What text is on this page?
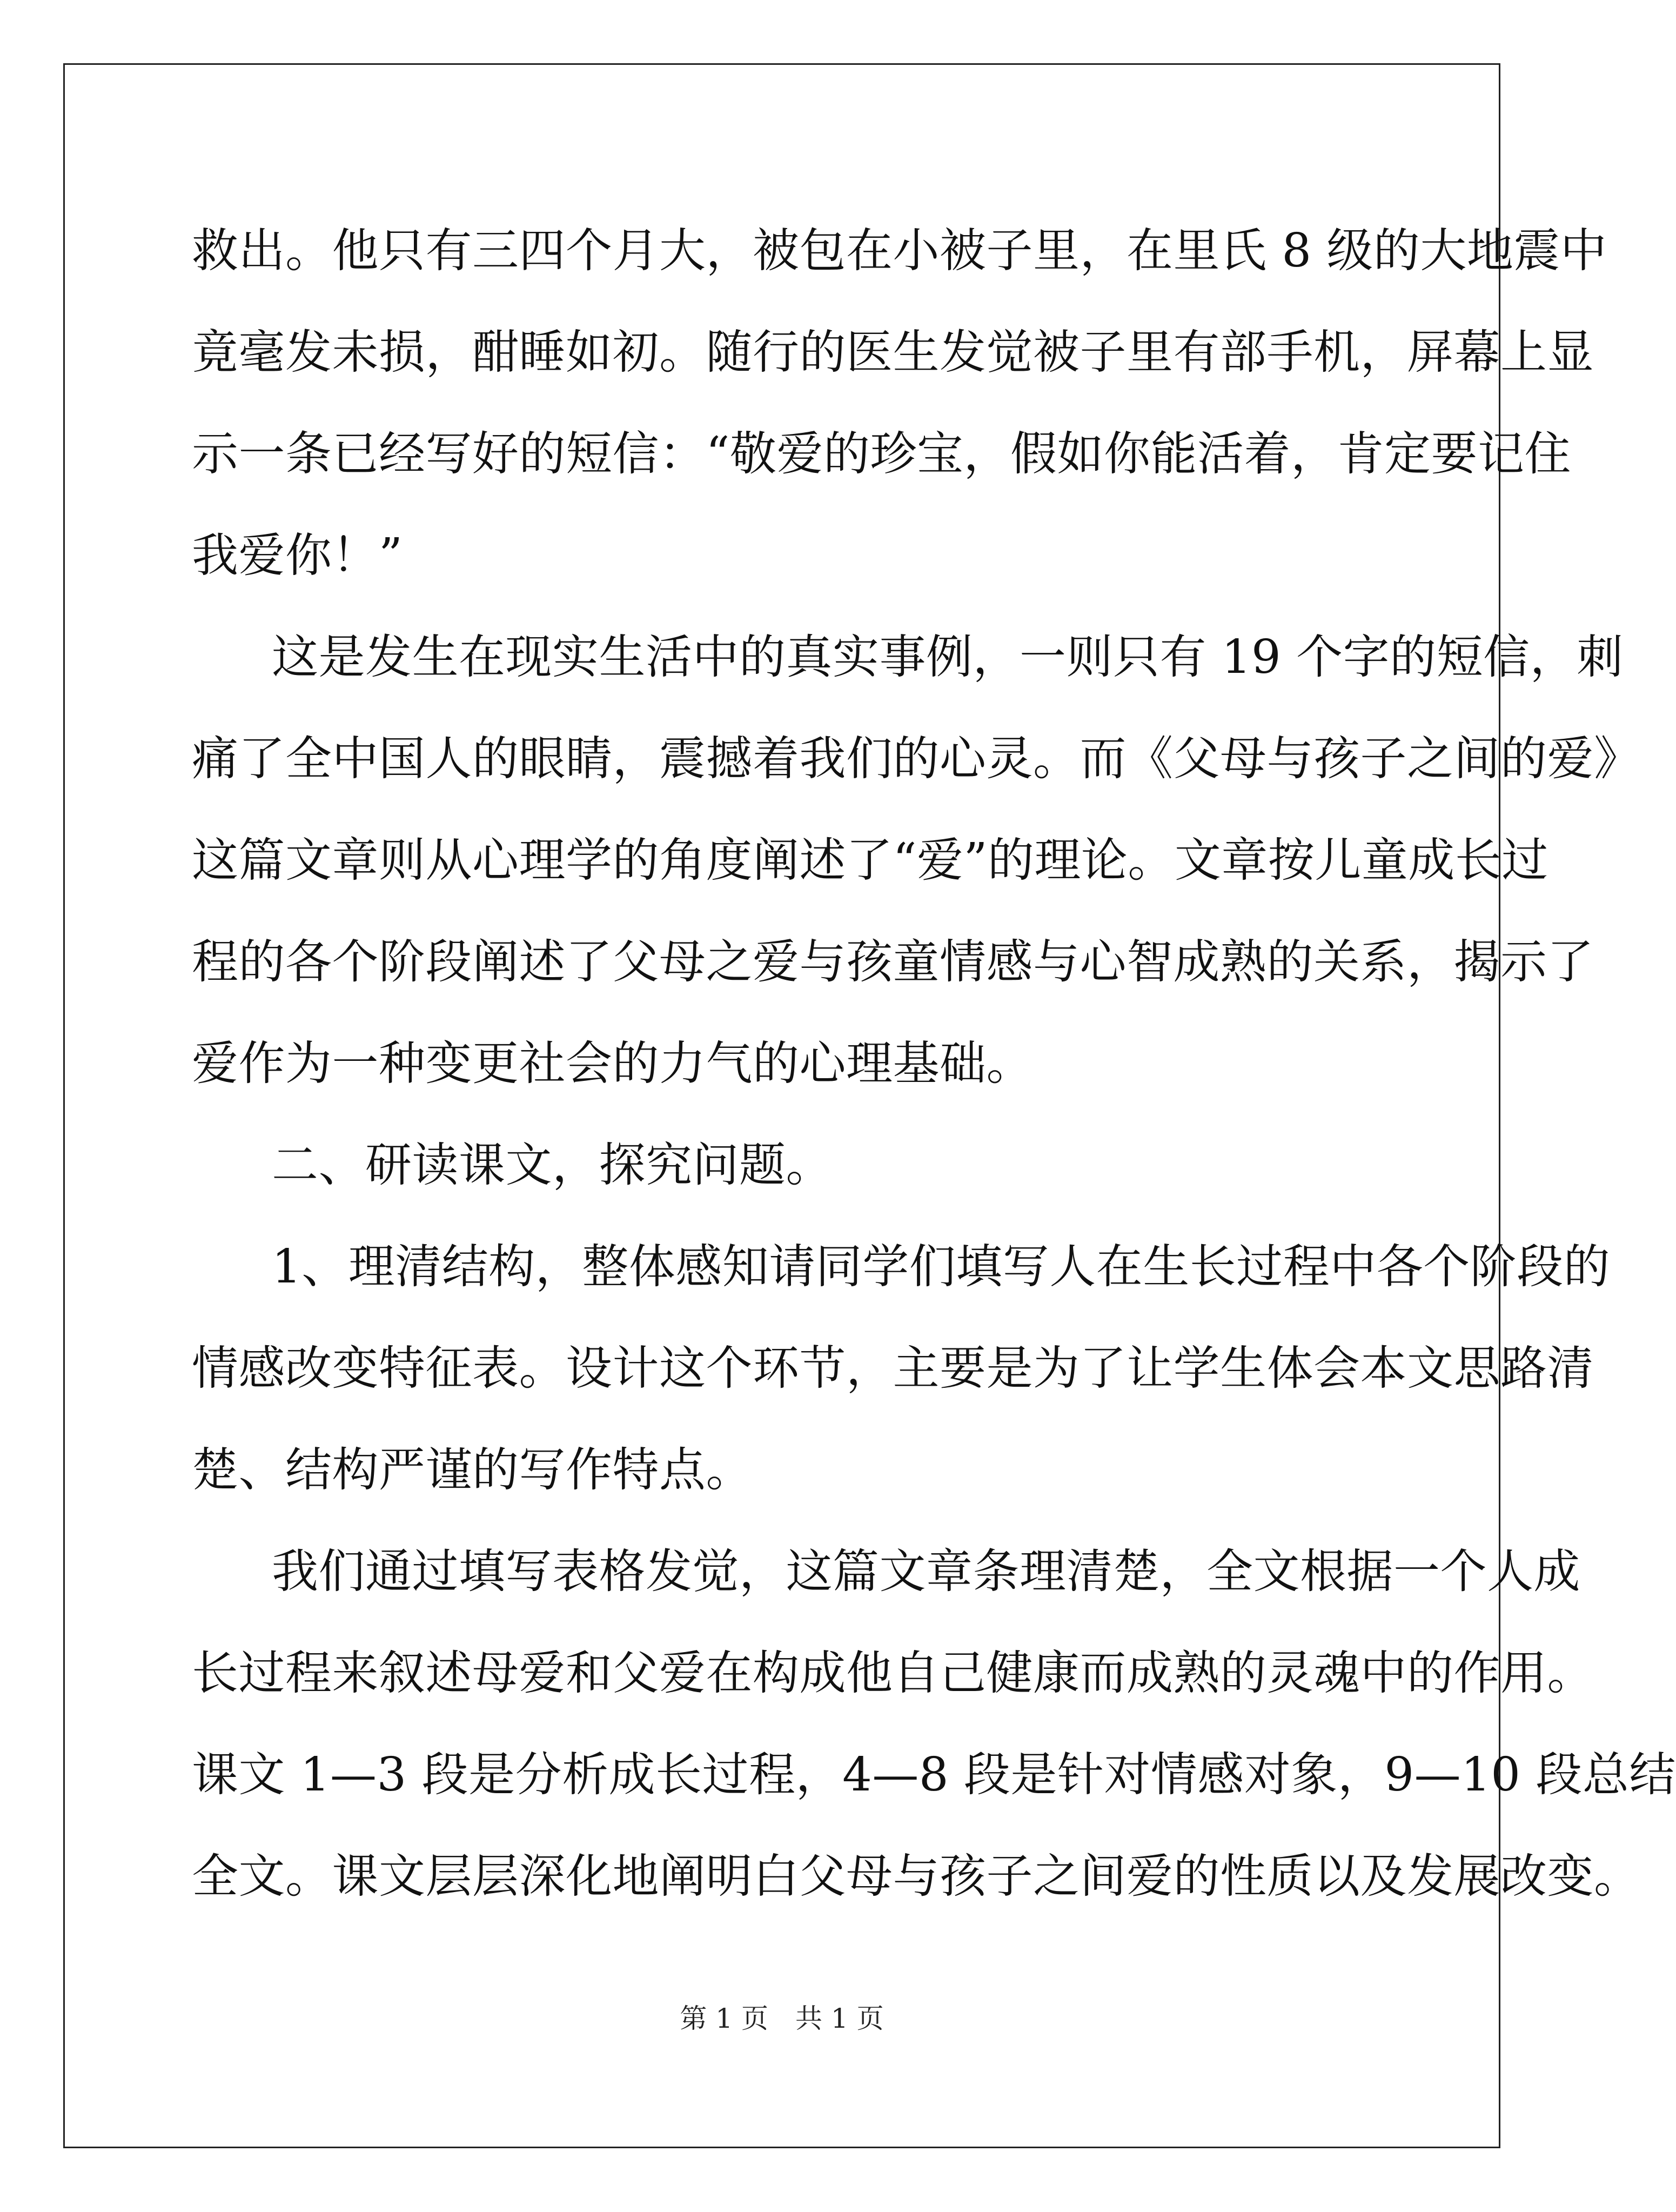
救出。他只有三四个月大，被包在小被子里，在里氏 8 级的大地震中
竟毫发未损，酣睡如初。随行的医生发觉被子里有部手机，屏幕上显
示一条已经写好的短信：“敬爱的珍宝，假如你能活着，肯定要记住
我爱你！”
这是发生在现实生活中的真实事例，一则只有 19 个字的短信，刺
痛了全中国人的眼睛，震撼着我们的心灵。而《父母与孩子之间的爱》
这篇文章则从心理学的角度阐述了“爱”的理论。文章按儿童成长过
程的各个阶段阐述了父母之爱与孩童情感与心智成熟的关系，揭示了
爱作为一种变更社会的力气的心理基础。
二、研读课文，探究问题。
1、理清结构，整体感知请同学们填写人在生长过程中各个阶段的
情感改变特征表。设计这个环节，主要是为了让学生体会本文思路清
楚、结构严谨的写作特点。
我们通过填写表格发觉，这篇文章条理清楚，全文根据一个人成
长过程来叙述母爱和父爱在构成他自己健康而成熟的灵魂中的作用。
课文 1—3 段是分析成长过程，4—8 段是针对情感对象，9—10 段总结
全文。课文层层深化地阐明白父母与孩子之间爱的性质以及发展改变。
第 1 页　共 1 页
